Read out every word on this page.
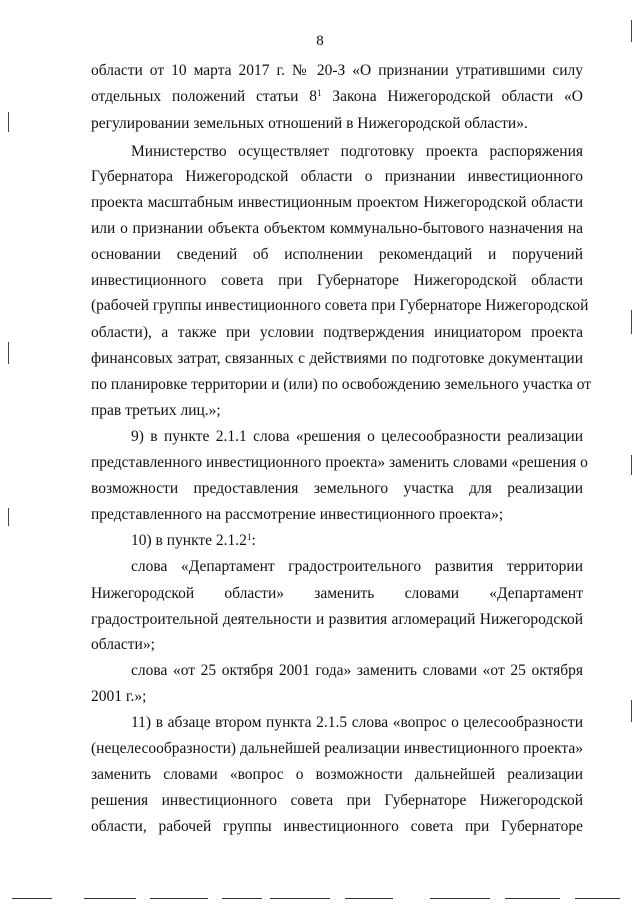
8
области от 10 марта 2017 г. № 20-З «О признании утратившими силу
отдельных положений статьи $8^1$ Закона Нижегородской области «О
регулировании земельных отношений в Нижегородской области».
Министерство осуществляет подготовку проекта распоряжения
Губернатора Нижегородской области о признании инвестиционного
проекта масштабным инвестиционным проектом Нижегородской области
или о признании объекта объектом коммунально-бытового назначения на
основании сведений об исполнении рекомендаций и поручений
инвестиционного совета при Губернаторе Нижегородской области
(рабочей группы инвестиционного совета при Губернаторе Нижегородской
области), а также при условии подтверждения инициатором проекта
финансовых затрат, связанных с действиями по подготовке документации
по планировке территории и (или) по освобождению земельного участка от
прав третьих лиц.»;
9) в пункте 2.1.1 слова «решения о целесообразности реализации
представленного инвестиционного проекта» заменить словами «решения о
возможности предоставления земельного участка для реализации
представленного на рассмотрение инвестиционного проекта»;
10) в пункте 2.1.2$^1$:
слова «Департамент градостроительного развития территории
Нижегородской области» заменить словами «Департамент
градостроительной деятельности и развития агломераций Нижегородской
области»;
слова «от 25 октября 2001 года» заменить словами «от 25 октября
2001 г.»;
11) в абзаце втором пункта 2.1.5 слова «вопрос о целесообразности
(нецелесообразности) дальнейшей реализации инвестиционного проекта»
заменить словами «вопрос о возможности дальнейшей реализации
решения инвестиционного совета при Губернаторе Нижегородской
области, рабочей группы инвестиционного совета при Губернаторе
